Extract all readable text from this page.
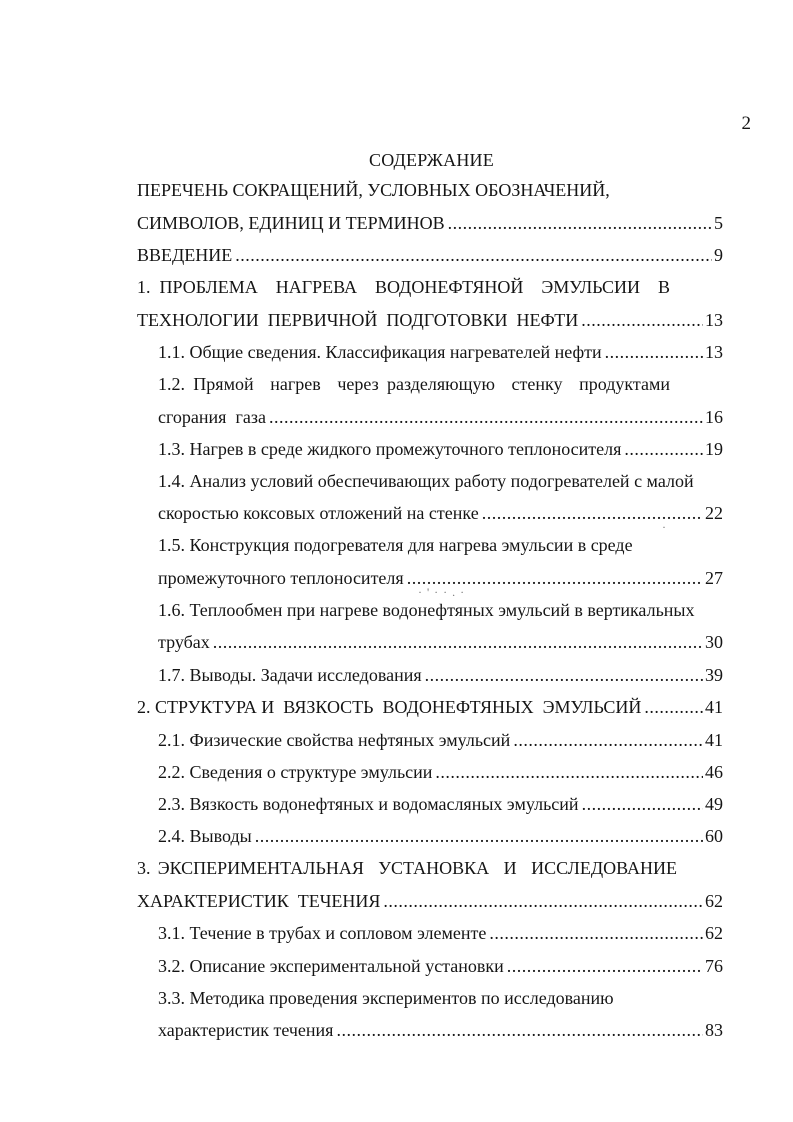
2
СОДЕРЖАНИЕ
ПЕРЕЧЕНЬ СОКРАЩЕНИЙ, УСЛОВНЫХ ОБОЗНАЧЕНИЙ,
СИМВОЛОВ, ЕДИНИЦ И ТЕРМИНОВ .....	5
ВВЕДЕНИЕ .....	9
1. ПРОБЛЕМА  НАГРЕВА  ВОДОНЕФТЯНОЙ  ЭМУЛЬСИИ  В
ТЕХНОЛОГИИ  ПЕРВИЧНОЙ  ПОДГОТОВКИ  НЕФТИ .....	13
1.1. Общие сведения. Классификация нагревателей нефти .....	13
1.2. Прямой  нагрев  через разделяющую  стенку  продуктами
сгорания  газа .....	16
1.3. Нагрев в среде жидкого промежуточного теплоносителя .....	19
1.4. Анализ условий обеспечивающих работу подогревателей с малой
скоростью коксовых отложений на стенке .....	22
1.5. Конструкция подогревателя для нагрева эмульсии в среде
промежуточного теплоносителя .....	27
1.6. Теплообмен при нагреве водонефтяных эмульсий в вертикальных
трубах .....	30
1.7. Выводы. Задачи исследования .....	39
2. СТРУКТУРА И  ВЯЗКОСТЬ  ВОДОНЕФТЯНЫХ  ЭМУЛЬСИЙ .....	41
2.1. Физические свойства нефтяных эмульсий .....	41
2.2. Сведения о структуре эмульсии .....	46
2.3. Вязкость водонефтяных и водомасляных эмульсий .....	49
2.4. Выводы .....	60
3. ЭКСПЕРИМЕНТАЛЬНАЯ  УСТАНОВКА  И  ИССЛЕДОВАНИЕ
ХАРАКТЕРИСТИК  ТЕЧЕНИЯ .....	62
3.1. Течение в трубах и сопловом элементе .....	62
3.2. Описание экспериментальной установки .....	76
3.3. Методика проведения экспериментов по исследованию
характеристик течения .....	83
· ' · · . ·
·
